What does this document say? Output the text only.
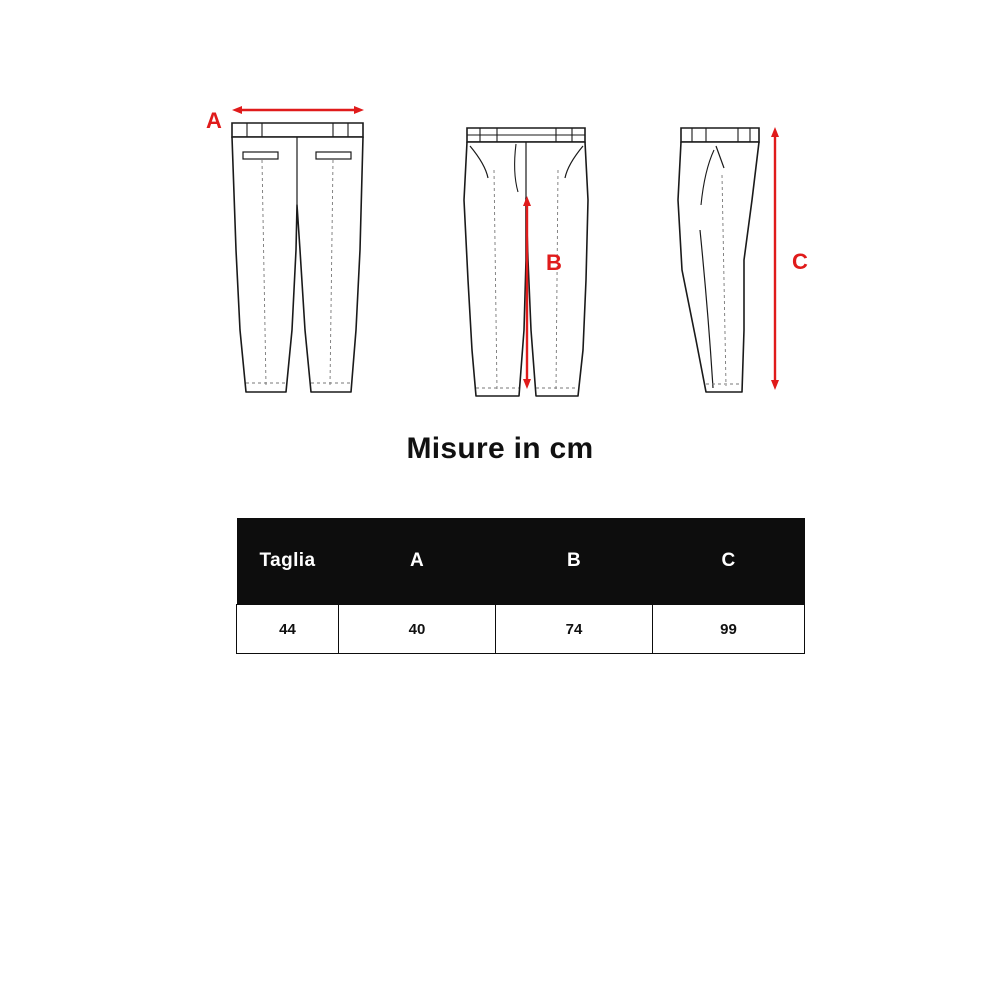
A
B	C
Misure in cm
Taglia	A	B	C
44	40	74	99
